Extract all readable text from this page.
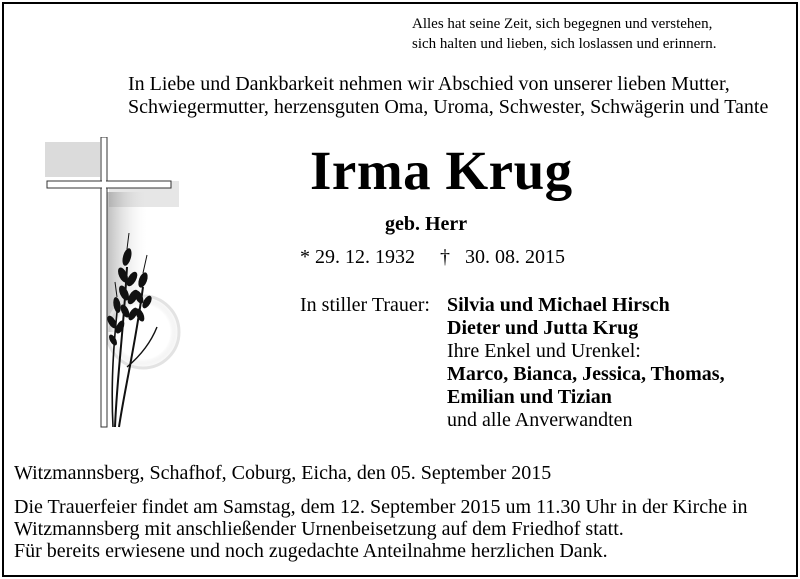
Alles hat seine Zeit, sich begegnen und verstehen,
sich halten und lieben, sich loslassen und erinnern.
In Liebe und Dankbarkeit nehmen wir Abschied von unserer lieben Mutter,
Schwiegermutter, herzensguten Oma, Uroma, Schwester, Schwägerin und Tante
Irma Krug
geb. Herr
* 29. 12. 1932 † 30. 08. 2015
In stiller Trauer: Silvia und Michael Hirsch
Dieter und Jutta Krug
Ihre Enkel und Urenkel:
Marco, Bianca, Jessica, Thomas,
Emilian und Tizian
und alle Anverwandten
Witzmannsberg, Schafhof, Coburg, Eicha, den 05. September 2015
Die Trauerfeier findet am Samstag, dem 12. September 2015 um 11.30 Uhr in der Kirche in
Witzmannsberg mit anschließender Urnenbeisetzung auf dem Friedhof statt.
Für bereits erwiesene und noch zugedachte Anteilnahme herzlichen Dank.
